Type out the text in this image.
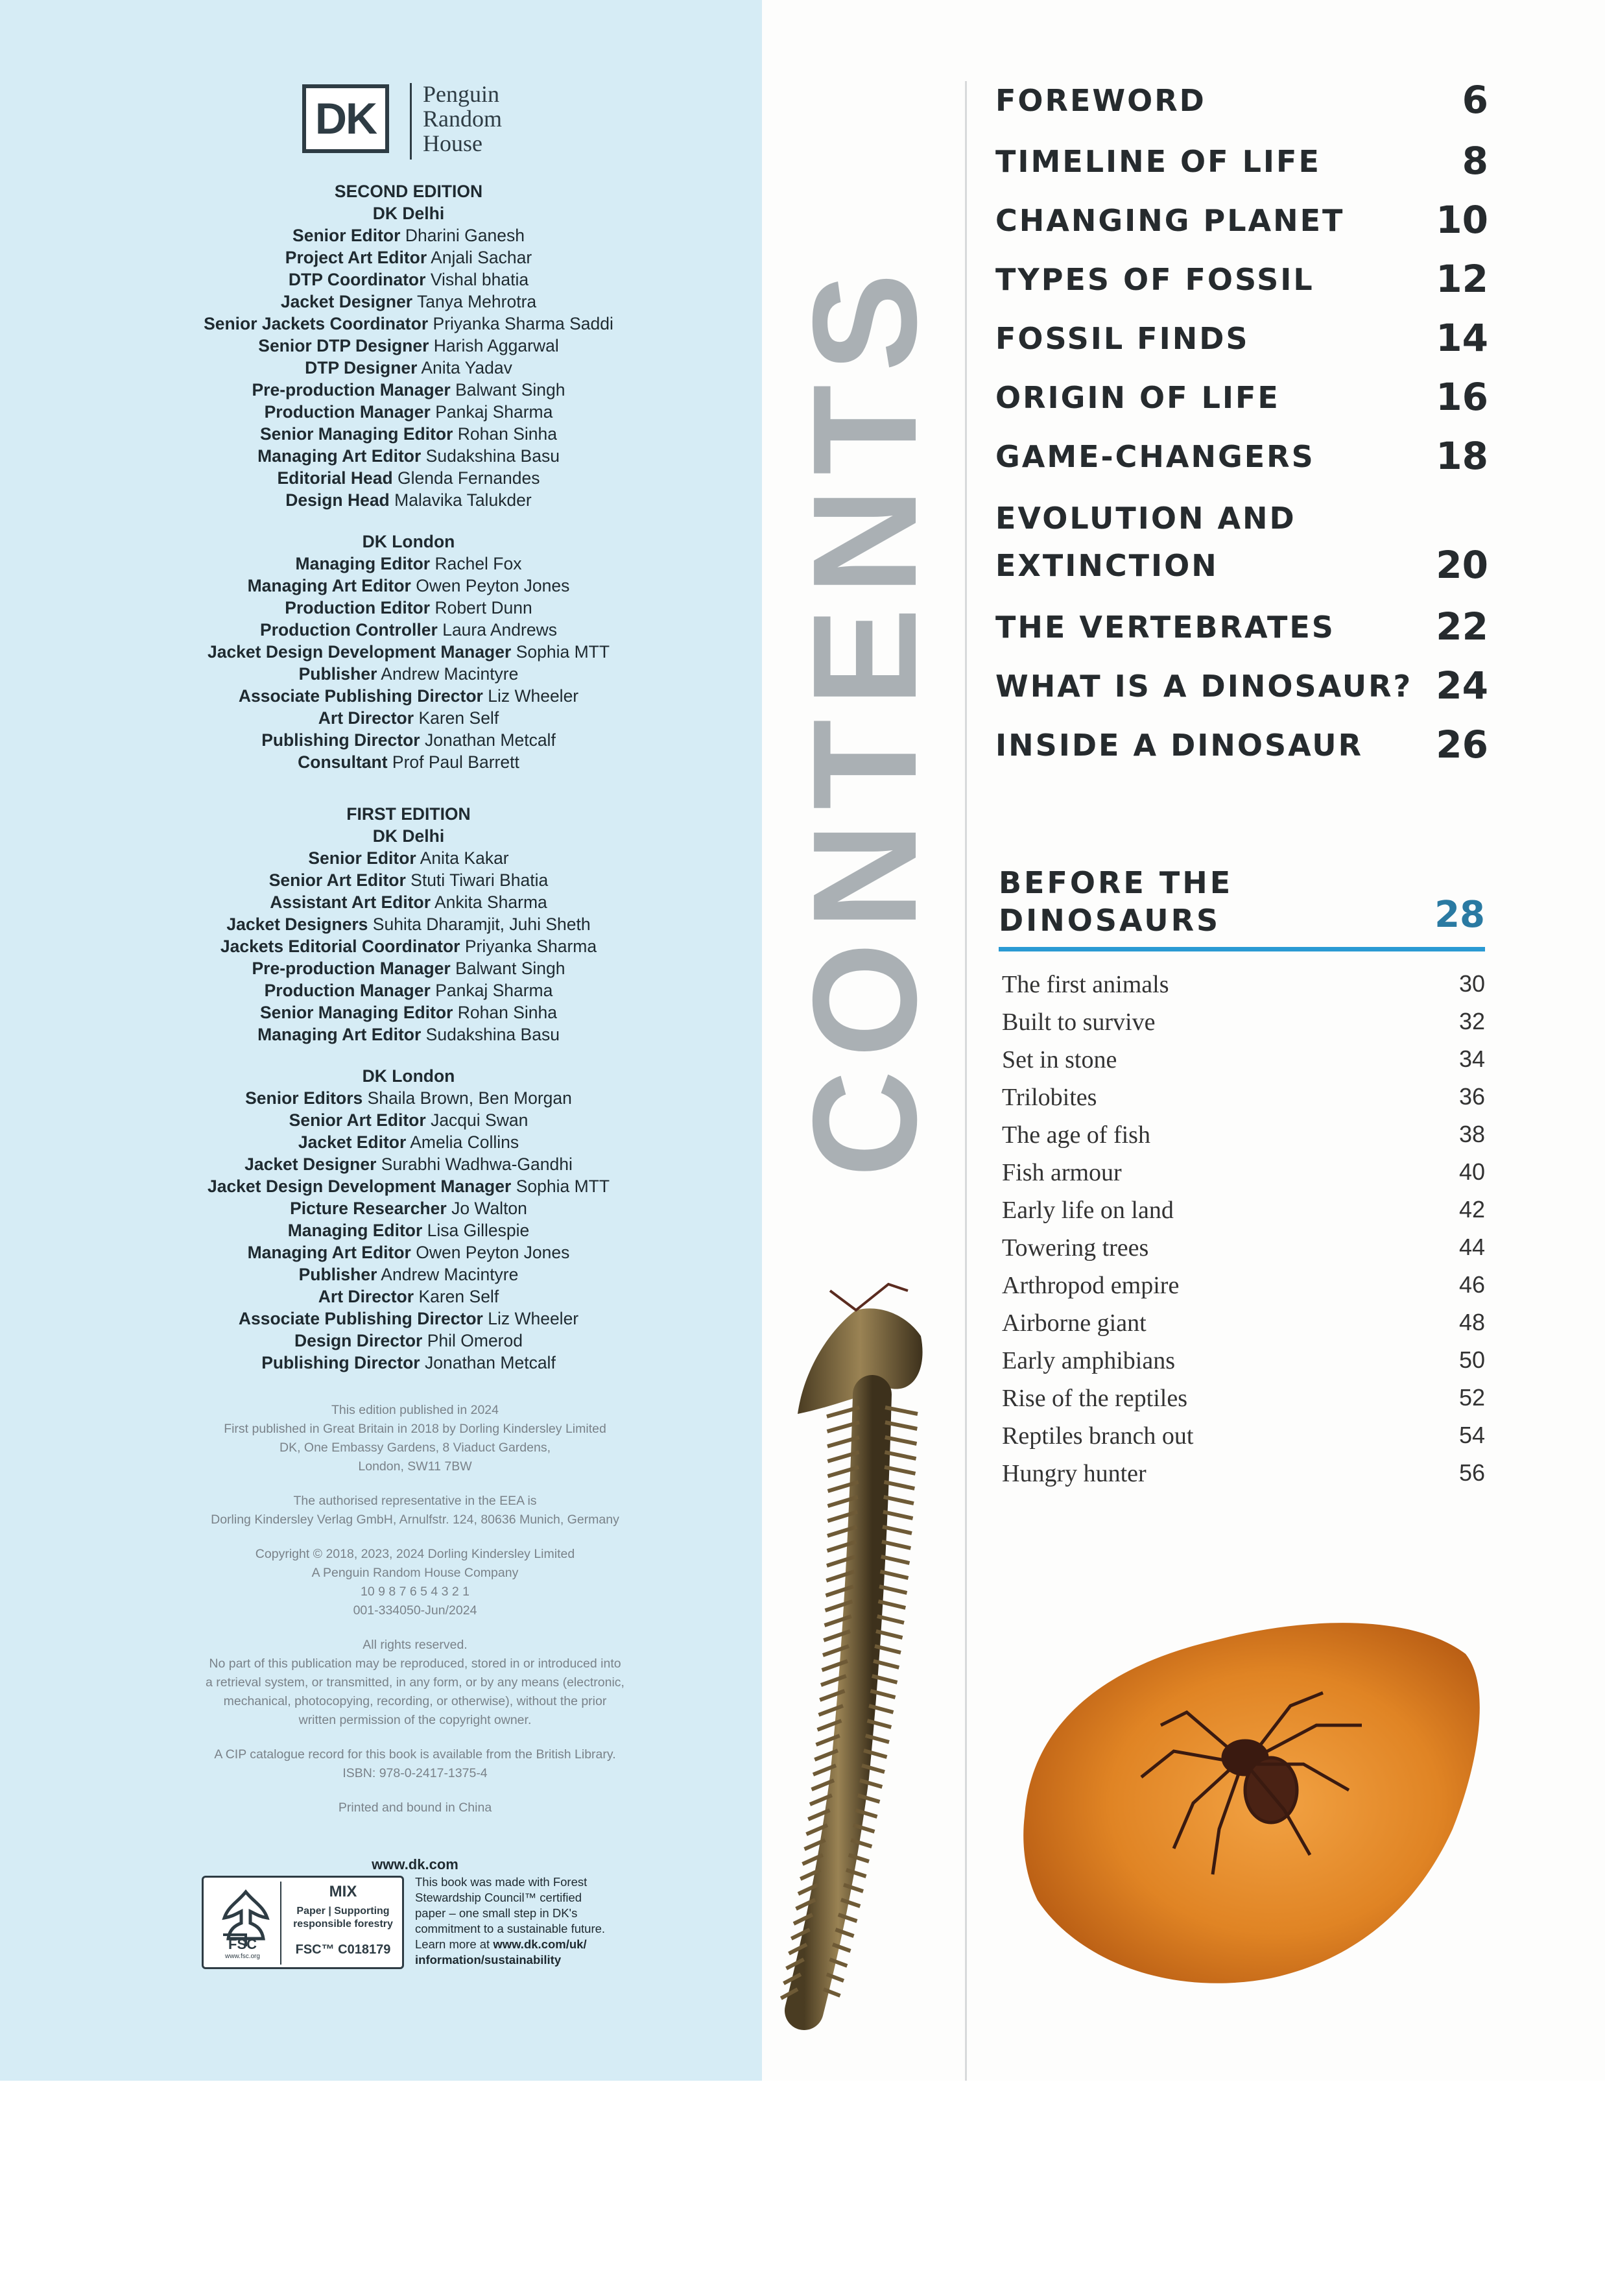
DK	Penguin
Random
House
SECOND EDITION
DK Delhi
Senior Editor Dharini Ganesh
Project Art Editor Anjali Sachar
DTP Coordinator Vishal bhatia
Jacket Designer Tanya Mehrotra
Senior Jackets Coordinator Priyanka Sharma Saddi
Senior DTP Designer Harish Aggarwal
DTP Designer Anita Yadav
Pre-production Manager Balwant Singh
Production Manager Pankaj Sharma
Senior Managing Editor Rohan Sinha
Managing Art Editor Sudakshina Basu
Editorial Head Glenda Fernandes
Design Head Malavika Talukder
DK London
Managing Editor Rachel Fox
Managing Art Editor Owen Peyton Jones
Production Editor Robert Dunn
Production Controller Laura Andrews
Jacket Design Development Manager Sophia MTT
Publisher Andrew Macintyre
Associate Publishing Director Liz Wheeler
Art Director Karen Self
Publishing Director Jonathan Metcalf
Consultant Prof Paul Barrett
FIRST EDITION
DK Delhi
Senior Editor Anita Kakar
Senior Art Editor Stuti Tiwari Bhatia
Assistant Art Editor Ankita Sharma
Jacket Designers Suhita Dharamjit, Juhi Sheth
Jackets Editorial Coordinator Priyanka Sharma
Pre-production Manager Balwant Singh
Production Manager Pankaj Sharma
Senior Managing Editor Rohan Sinha
Managing Art Editor Sudakshina Basu
DK London
Senior Editors Shaila Brown, Ben Morgan
Senior Art Editor Jacqui Swan
Jacket Editor Amelia Collins
Jacket Designer Surabhi Wadhwa-Gandhi
Jacket Design Development Manager Sophia MTT
Picture Researcher Jo Walton
Managing Editor Lisa Gillespie
Managing Art Editor Owen Peyton Jones
Publisher Andrew Macintyre
Art Director Karen Self
Associate Publishing Director Liz Wheeler
Design Director Phil Omerod
Publishing Director Jonathan Metcalf

This edition published in 2024
First published in Great Britain in 2018 by Dorling Kindersley Limited
DK, One Embassy Gardens, 8 Viaduct Gardens,
London, SW11 7BW

The authorised representative in the EEA is
Dorling Kindersley Verlag GmbH, Arnulfstr. 124, 80636 Munich, Germany

Copyright © 2018, 2023, 2024 Dorling Kindersley Limited
A Penguin Random House Company
10 9 8 7 6 5 4 3 2 1
001-334050-Jun/2024

All rights reserved.
No part of this publication may be reproduced, stored in or introduced into
a retrieval system, or transmitted, in any form, or by any means (electronic,
mechanical, photocopying, recording, or otherwise), without the prior
written permission of the copyright owner.

A CIP catalogue record for this book is available from the British Library.
ISBN: 978-0-2417-1375-4

Printed and bound in China

www.dk.com
FSC
www.fsc.org
MIX
Paper | Supporting
responsible forestry
FSC™ C018179
This book was made with Forest
Stewardship Council™ certified
paper – one small step in DK's
commitment to a sustainable future.
Learn more at www.dk.com/uk/
information/sustainability
CONTENTS
FOREWORD	6
TIMELINE OF LIFE	8
CHANGING PLANET 10
TYPES OF FOSSIL	12
FOSSIL FINDS	14
ORIGIN OF LIFE	16
GAME-CHANGERS	18
EVOLUTION AND
EXTINCTION	20
THE VERTEBRATES	22
WHAT IS A DINOSAUR? 24
INSIDE A DINOSAUR 26
BEFORE THE
DINOSAURS	28
The first animals	30
Built to survive	32
Set in stone	34
Trilobites	36
The age of fish	38
Fish armour	40
Early life on land	42
Towering trees	44
Arthropod empire	46
Airborne giant	48
Early amphibians	50
Rise of the reptiles	52
Reptiles branch out	54
Hungry hunter	56
